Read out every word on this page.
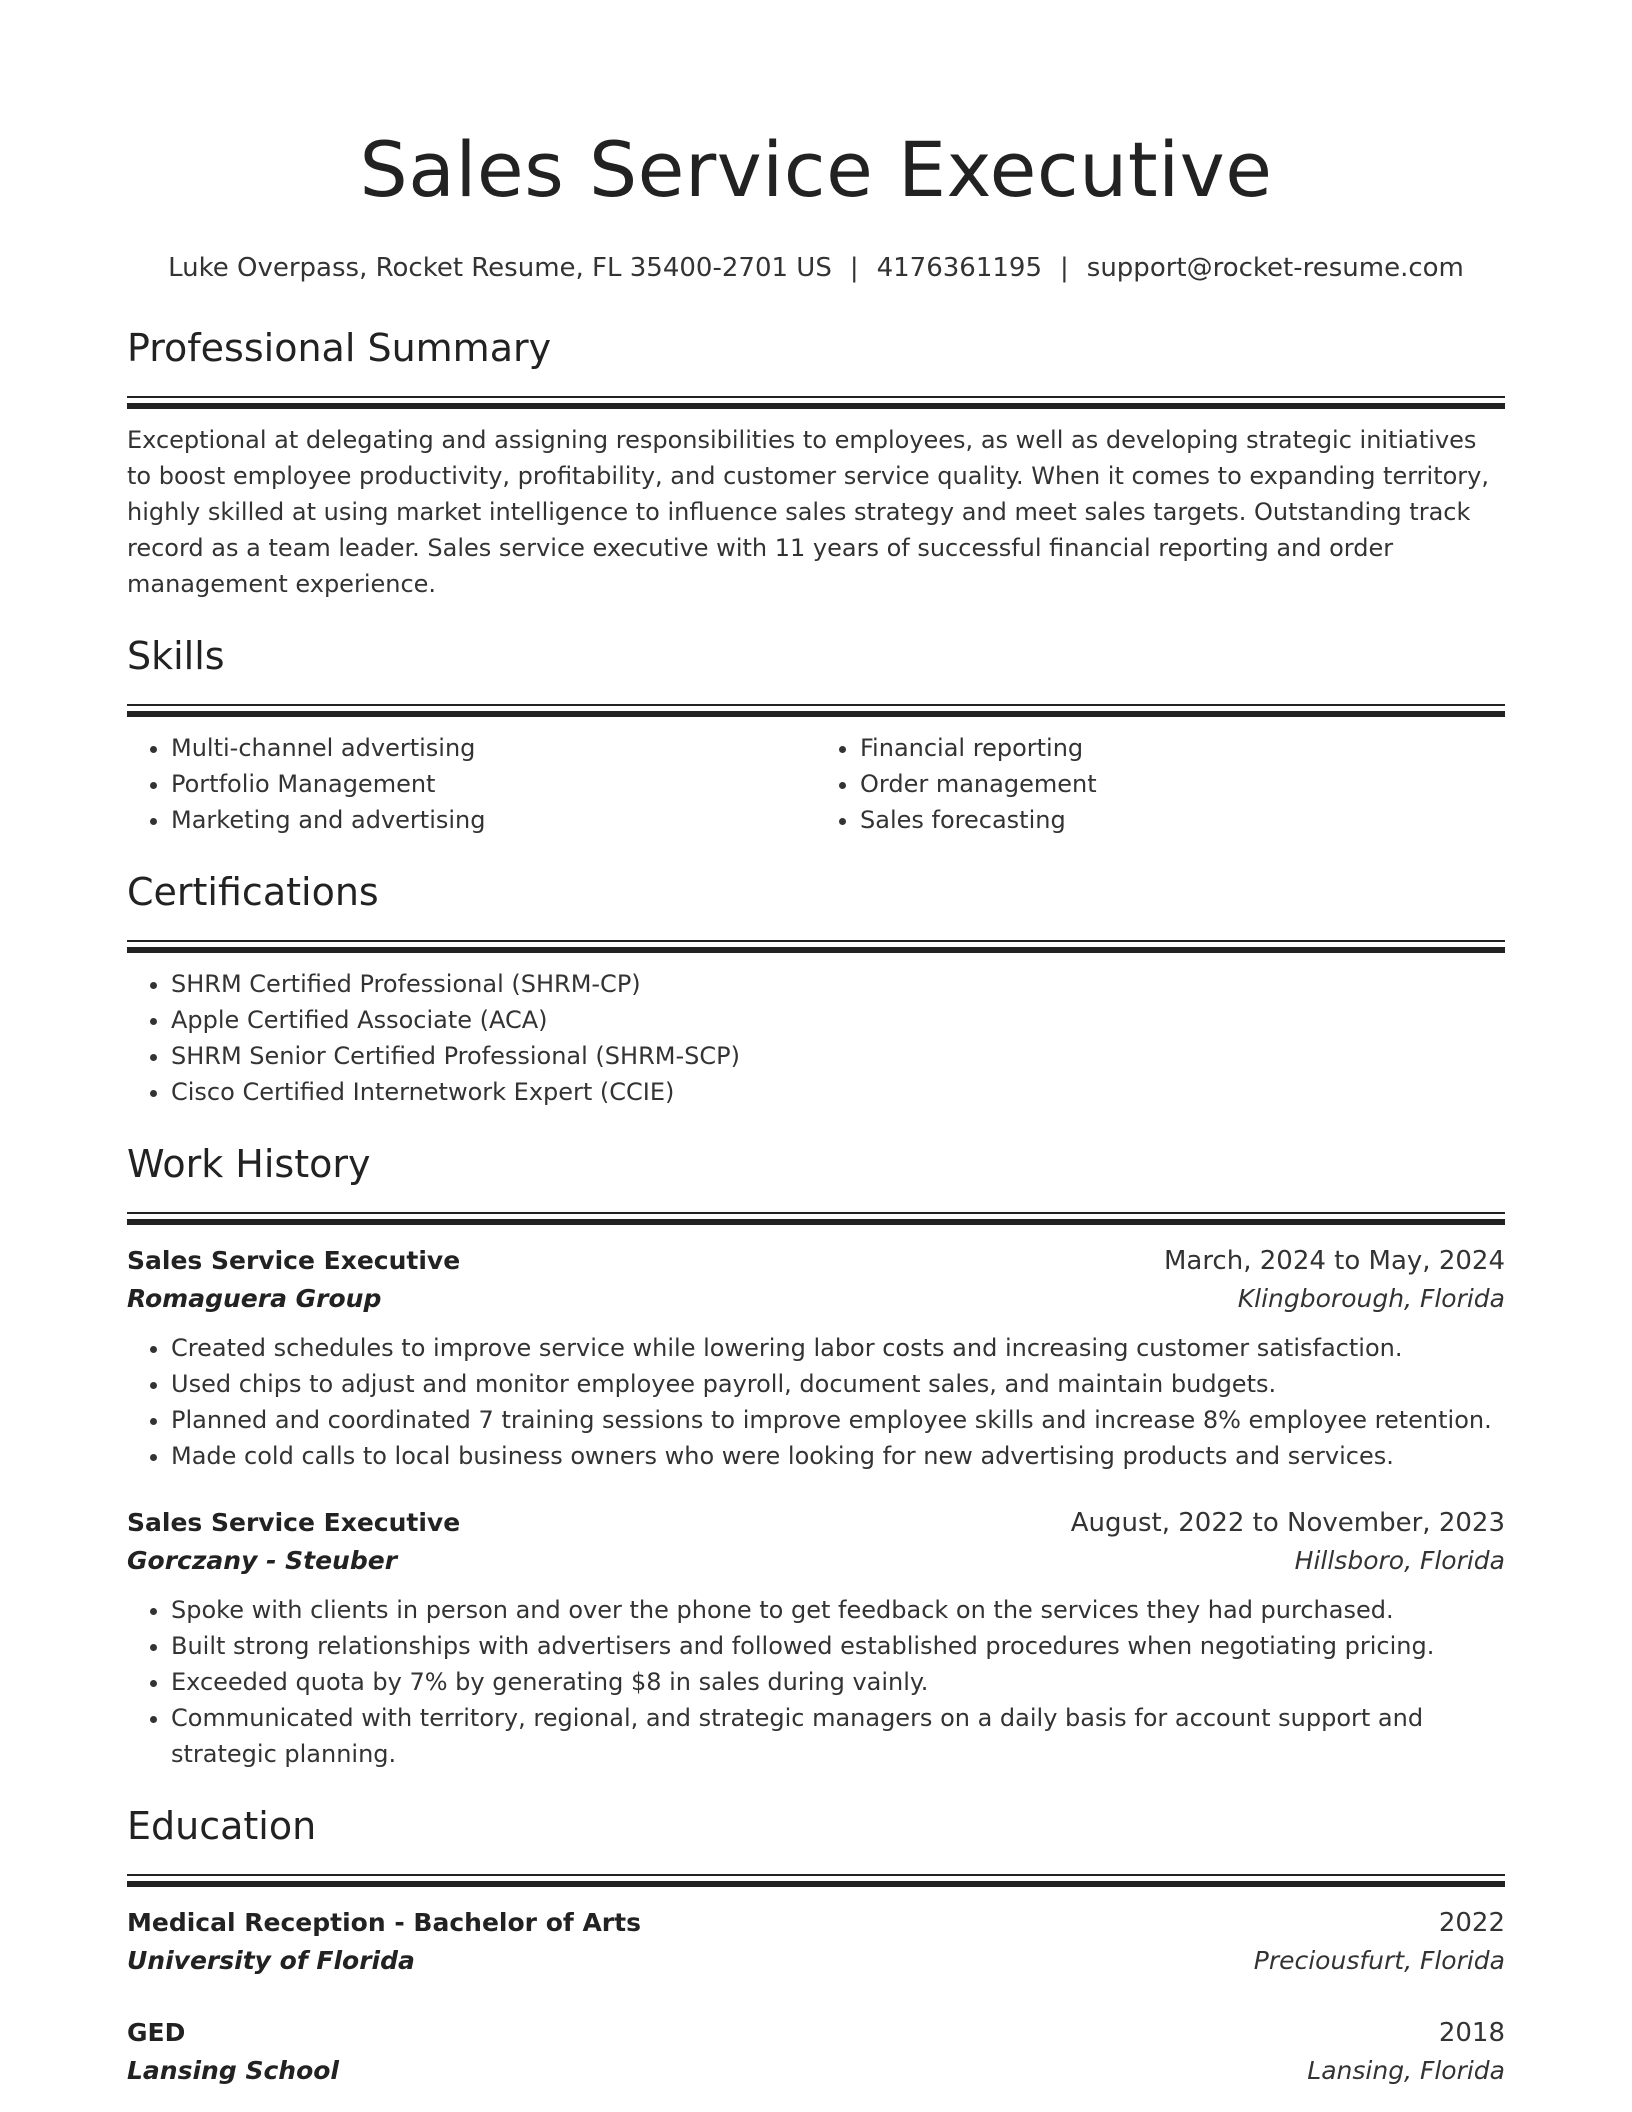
Sales Service Executive
Luke Overpass, Rocket Resume, FL 35400-2701 US | 4176361195 | support@rocket-resume.com
Professional Summary
Exceptional at delegating and assigning responsibilities to employees, as well as developing strategic initiatives to boost employee productivity, profitability, and customer service quality. When it comes to expanding territory, highly skilled at using market intelligence to influence sales strategy and meet sales targets. Outstanding track record as a team leader. Sales service executive with 11 years of successful financial reporting and order management experience.
Skills
• Multi-channel advertising
• Portfolio Management
• Marketing and advertising
• Financial reporting
• Order management
• Sales forecasting
Certifications
• SHRM Certified Professional (SHRM-CP)
• Apple Certified Associate (ACA)
• SHRM Senior Certified Professional (SHRM-SCP)
• Cisco Certified Internetwork Expert (CCIE)
Work History
Sales Service Executive	March, 2024 to May, 2024
Romaguera Group	Klingborough, Florida
• Created schedules to improve service while lowering labor costs and increasing customer satisfaction.
• Used chips to adjust and monitor employee payroll, document sales, and maintain budgets.
• Planned and coordinated 7 training sessions to improve employee skills and increase 8% employee retention.
• Made cold calls to local business owners who were looking for new advertising products and services.
Sales Service Executive	August, 2022 to November, 2023
Gorczany - Steuber	Hillsboro, Florida
• Spoke with clients in person and over the phone to get feedback on the services they had purchased.
• Built strong relationships with advertisers and followed established procedures when negotiating pricing.
• Exceeded quota by 7% by generating $8 in sales during vainly.
• Communicated with territory, regional, and strategic managers on a daily basis for account support and strategic planning.
Education
Medical Reception - Bachelor of Arts	2022
University of Florida	Preciousfurt, Florida
GED	2018
Lansing School	Lansing, Florida
